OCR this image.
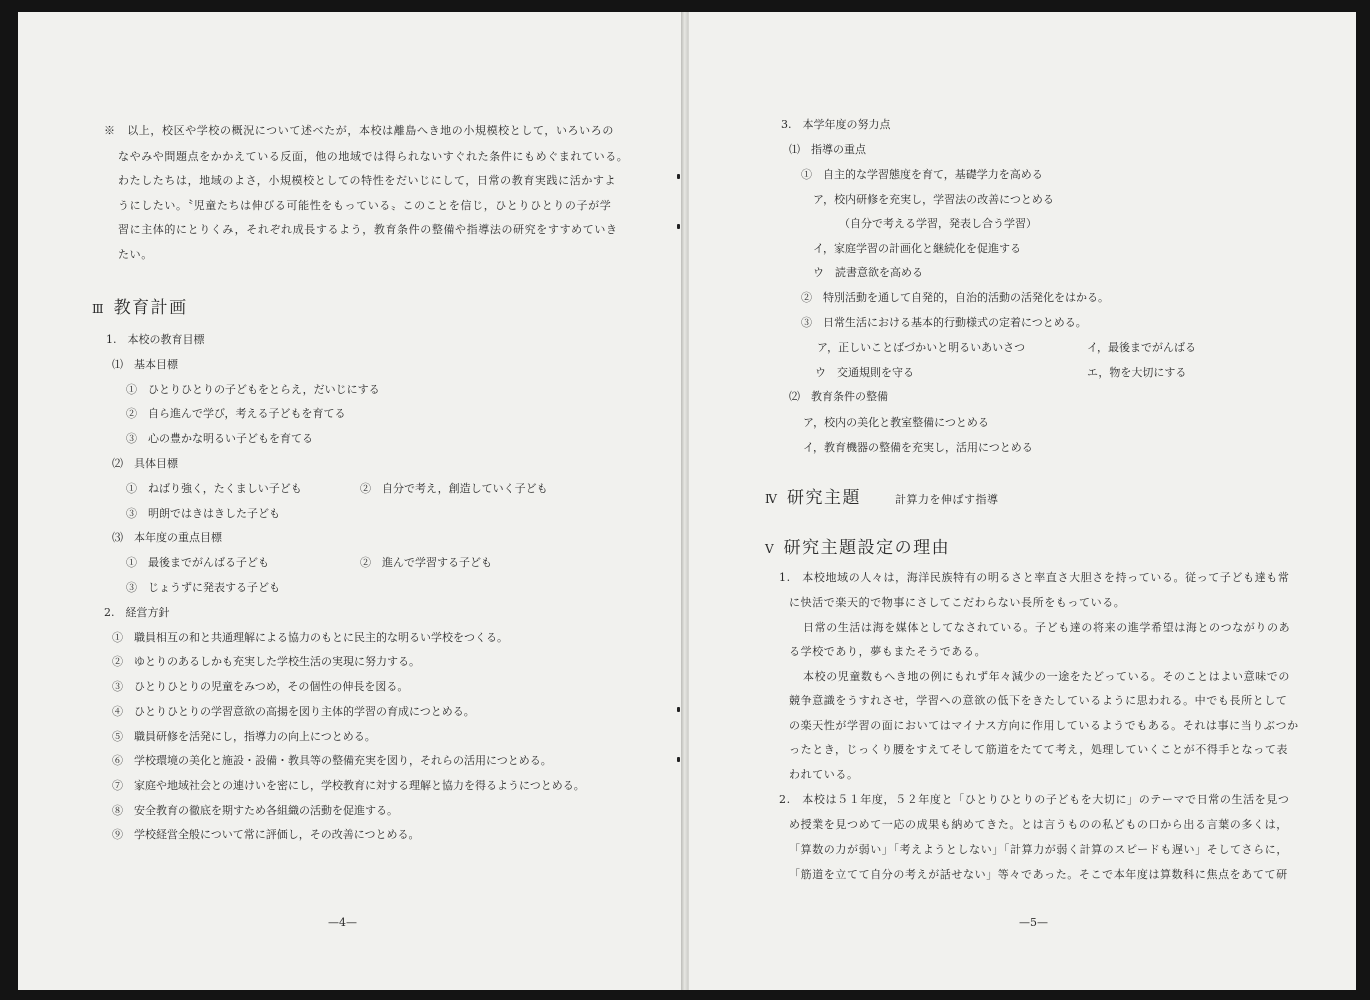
※　以上，校区や学校の概況について述べたが，本校は離島へき地の小規模校として，いろいろの
なやみや問題点をかかえている反面，他の地域では得られないすぐれた条件にもめぐまれている。
わたしたちは，地域のよさ，小規模校としての特性をだいじにして，日常の教育実践に活かすよ
うにしたい。〝児童たちは伸びる可能性をもっている〟このことを信じ，ひとりひとりの子が学
習に主体的にとりくみ，それぞれ成長するよう，教育条件の整備や指導法の研究をすすめていき
たい。
Ⅲ 教育計画
1.　本校の教育目標
⑴　基本目標
①　ひとりひとりの子どもをとらえ，だいじにする
②　自ら進んで学び，考える子どもを育てる
③　心の豊かな明るい子どもを育てる
⑵　具体目標
①　ねばり強く，たくましい子ども	②　自分で考え，創造していく子ども
③　明朗ではきはきした子ども
⑶　本年度の重点目標
①　最後までがんばる子ども	②　進んで学習する子ども
③　じょうずに発表する子ども
2.　経営方針
①　職員相互の和と共通理解による協力のもとに民主的な明るい学校をつくる。
②　ゆとりのあるしかも充実した学校生活の実現に努力する。
③　ひとりひとりの児童をみつめ，その個性の伸長を図る。
④　ひとりひとりの学習意欲の高揚を図り主体的学習の育成につとめる。
⑤　職員研修を活発にし，指導力の向上につとめる。
⑥　学校環境の美化と施設・設備・教具等の整備充実を図り，それらの活用につとめる。
⑦　家庭や地域社会との連けいを密にし，学校教育に対する理解と協力を得るようにつとめる。
⑧　安全教育の徹底を期すため各組織の活動を促進する。
⑨　学校経営全般について常に評価し，その改善につとめる。
—4—
3.　本学年度の努力点
⑴　指導の重点
①　自主的な学習態度を育て，基礎学力を高める
ア，校内研修を充実し，学習法の改善につとめる
（自分で考える学習，発表し合う学習）
イ，家庭学習の計画化と継続化を促進する
ウ　読書意欲を高める
②　特別活動を通して自発的，自治的活動の活発化をはかる。
③　日常生活における基本的行動様式の定着につとめる。
ア，正しいことばづかいと明るいあいさつ	イ，最後までがんばる
ウ　交通規則を守る	エ，物を大切にする
⑵　教育条件の整備
ア，校内の美化と教室整備につとめる
イ，教育機器の整備を充実し，活用につとめる
Ⅳ 研究主題	計算力を伸ばす指導
Ⅴ 研究主題設定の理由
1.　本校地域の人々は，海洋民族特有の明るさと率直さ大胆さを持っている。従って子ども達も常
に快活で楽天的で物事にさしてこだわらない長所をもっている。
日常の生活は海を媒体としてなされている。子ども達の将来の進学希望は海とのつながりのあ
る学校であり，夢もまたそうである。
本校の児童数もへき地の例にもれず年々減少の一途をたどっている。そのことはよい意味での
競争意識をうすれさせ，学習への意欲の低下をきたしているように思われる。中でも長所として
の楽天性が学習の面においてはマイナス方向に作用しているようでもある。それは事に当りぶつか
ったとき，じっくり腰をすえてそして筋道をたてて考え，処理していくことが不得手となって表
われている。
2.　本校は５１年度，５２年度と「ひとりひとりの子どもを大切に」のテーマで日常の生活を見つ
め授業を見つめて一応の成果も納めてきた。とは言うものの私どもの口から出る言葉の多くは，
「算数の力が弱い」「考えようとしない」「計算力が弱く計算のスピードも遅い」そしてさらに，
「筋道を立てて自分の考えが話せない」等々であった。そこで本年度は算数科に焦点をあてて研
—5—
